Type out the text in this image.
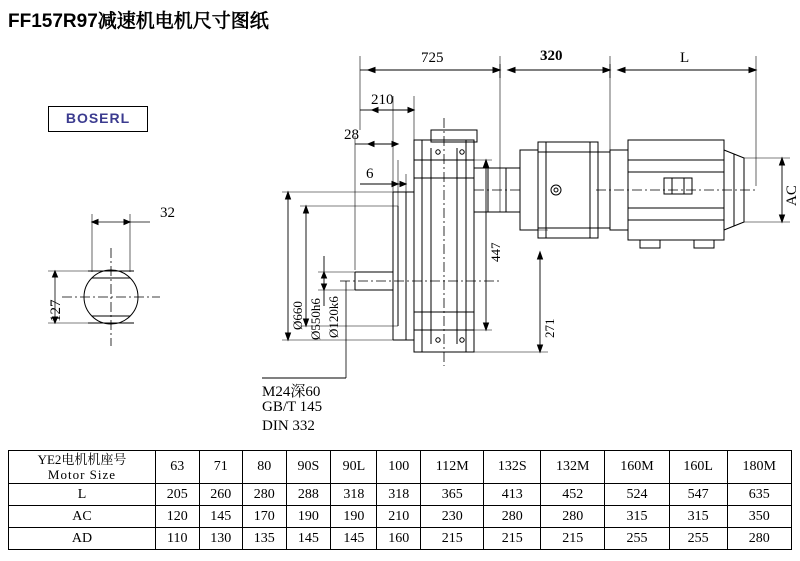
FF157R97减速机电机尺寸图纸
BOSERL
725	320	L
210
28
6
32
127	Ø660 Ø550h6 Ø120k6
447
271
AC
M24深60
GB/T 145
DIN 332
YE2电机机座号
Motor Size	63	71	80	90S	90L	100	112M	132S	132M	160M	160L	180M
L	205	260	280	288	318	318	365	413	452	524	547	635
AC	120	145	170	190	190	210	230	280	280	315	315	350
AD	110	130	135	145	145	160	215	215	215	255	255	280
